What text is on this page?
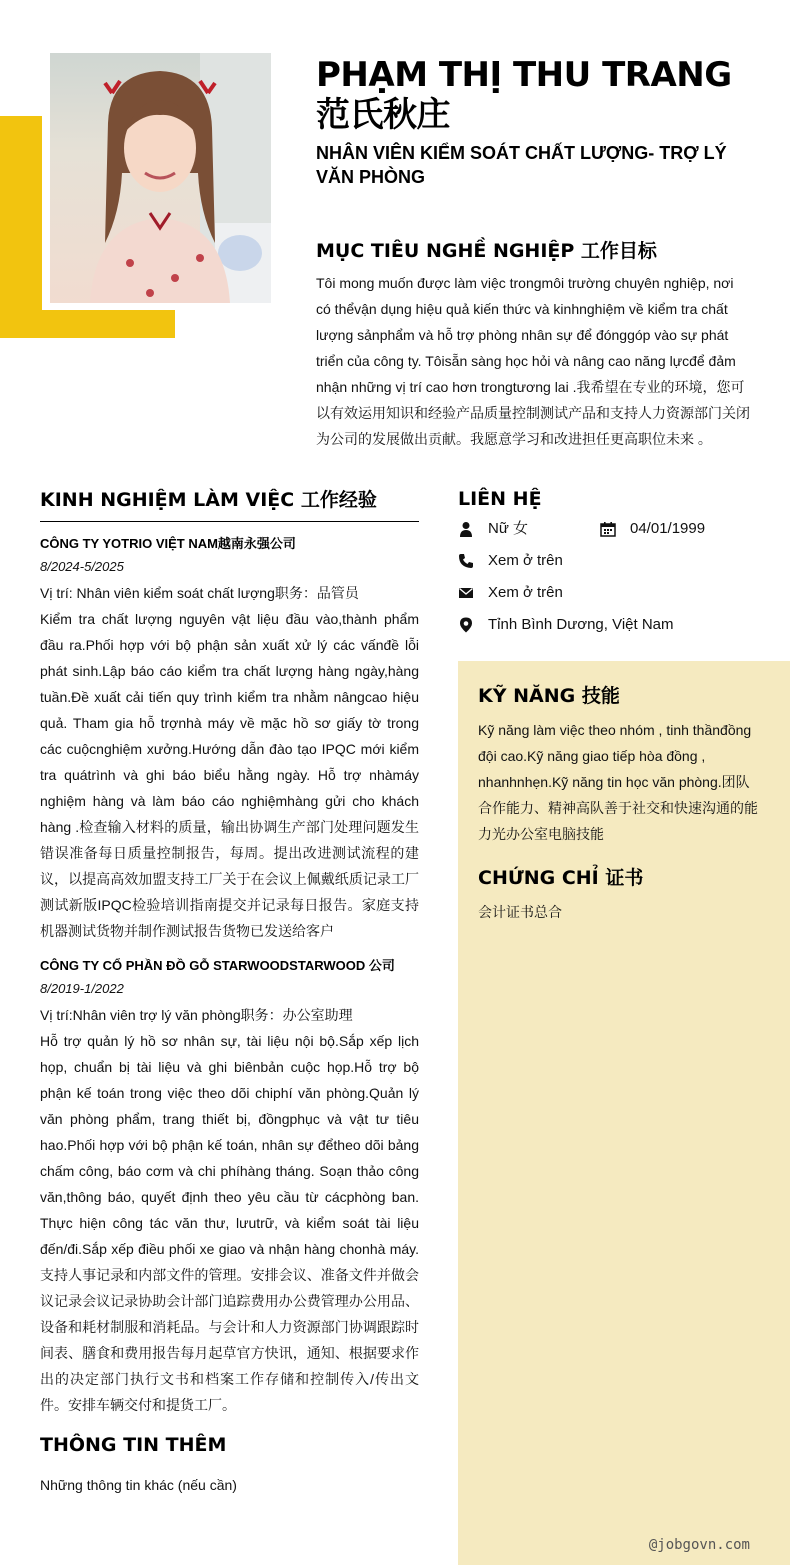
PHẠM THỊ THU TRANG
范氏秋庄
NHÂN VIÊN KIỂM SOÁT CHẤT LƯỢNG- TRỢ LÝ VĂN PHÒNG
MỤC TIÊU NGHỀ NGHIỆP 工作目标
Tôi mong muốn được làm việc trongmôi trường chuyên nghiệp, nơi có thểvận dụng hiệu quả kiến thức và kinhnghiệm về kiểm tra chất lượng sảnphẩm và hỗ trợ phòng nhân sự để đónggóp vào sự phát triển của công ty. Tôisẵn sàng học hỏi và nâng cao năng lựcđể đảm nhận những vị trí cao hơn trongtương lai .我希望在专业的环境，您可以有效运用知识和经验产品质量控制测试产品和支持人力资源部门关闭为公司的发展做出贡献。我愿意学习和改进担任更高职位未来 。
KINH NGHIỆM LÀM VIỆC 工作经验
CÔNG TY YOTRIO VIỆT NAM越南永强公司
8/2024-5/2025
Vị trí: Nhân viên kiểm soát chất lượng职务：品管员
Kiểm tra chất lượng nguyên vật liệu đầu vào,thành phẩm đầu ra.Phối hợp với bộ phận sản xuất xử lý các vấnđề lỗi phát sinh.Lập báo cáo kiểm tra chất lượng hàng ngày,hàng tuần.Đề xuất cải tiến quy trình kiểm tra nhằm nângcao hiệu quả. Tham gia hỗ trợnhà máy về mặc hồ sơ giấy tờ trong các cuộcnghiệm xưởng.Hướng dẫn đào tạo IPQC mới kiểm tra quátrình và ghi báo biểu hằng ngày. Hỗ trợ nhàmáy nghiệm hàng và làm báo cáo nghiệmhàng gửi cho khách hàng .检查输入材料的质量，输出协调生产部门处理问题发生错误准备每日质量控制报告，每周。提出改进测试流程的建议，以提高高效加盟支持工厂关于在会议上佩戴纸质记录工厂测试新版IPQC检验培训指南提交并记录每日报告。家庭支持机器测试货物并制作测试报告货物已发送给客户
CÔNG TY CỔ PHẦN ĐỒ GỖ STARWOODSTARWOOD 公司
8/2019-1/2022
Vị trí:Nhân viên trợ lý văn phòng职务：办公室助理
Hỗ trợ quản lý hồ sơ nhân sự, tài liệu nội bộ.Sắp xếp lịch họp, chuẩn bị tài liệu và ghi biênbản cuộc họp.Hỗ trợ bộ phận kế toán trong việc theo dõi chiphí văn phòng.Quản lý văn phòng phẩm, trang thiết bị, đồngphục và vật tư tiêu hao.Phối hợp với bộ phận kế toán, nhân sự đểtheo dõi bảng chấm công, báo cơm và chi phíhàng tháng. Soạn thảo công văn,thông báo, quyết định theo yêu cầu từ cácphòng ban. Thực hiện công tác văn thư, lưutrữ, và kiểm soát tài liệu đến/đi.Sắp xếp điều phối xe giao và nhận hàng chonhà máy.支持人事记录和内部文件的管理。安排会议、准备文件并做会议记录会议记录协助会计部门追踪费用办公费管理办公用品、设备和耗材制服和消耗品。与会计和人力资源部门协调跟踪时间表、膳食和费用报告每月起草官方快讯，通知、根据要求作出的决定部门执行文书和档案工作存储和控制传入/传出文件。安排车辆交付和提货工厂。
THÔNG TIN THÊM
Những thông tin khác (nếu cần)
LIÊN HỆ
Nữ 女	04/01/1999
Xem ở trên
Xem ở trên
Tỉnh Bình Dương, Việt Nam
KỸ NĂNG 技能
Kỹ năng làm việc theo nhóm , tinh thầnđồng đội cao.Kỹ năng giao tiếp hòa đồng , nhanhnhẹn.Kỹ năng tin học văn phòng.团队合作能力、精神高队善于社交和快速沟通的能力光办公室电脑技能
CHỨNG CHỈ 证书
会计证书总合
@jobgovn.com
